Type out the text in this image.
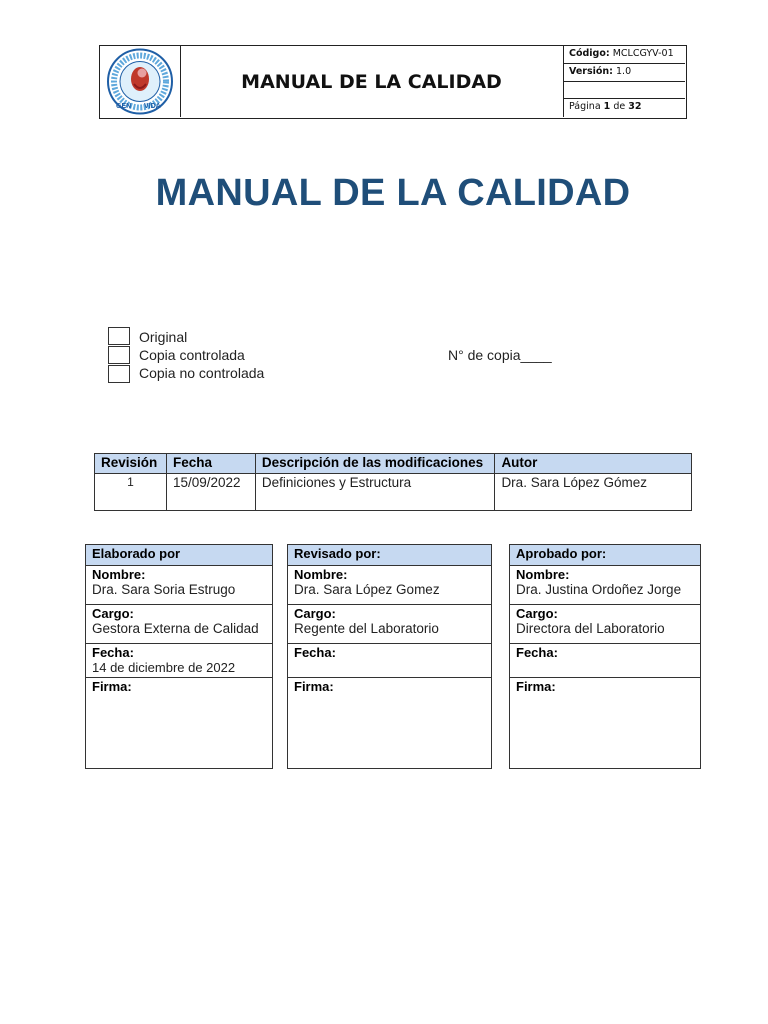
GEN VIDA
MANUAL DE LA CALIDAD
Código: MCLCGYV-01
Versión: 1.0
Página 1 de 32
MANUAL DE LA CALIDAD
Original
Copia controlada
Copia no controlada
N° de copia____
Revisión	Fecha	Descripción de las modificaciones	Autor
1	15/09/2022	Definiciones y Estructura	Dra. Sara López Gómez
Elaborado por
Nombre:
Dra. Sara Soria Estrugo
Cargo:
Gestora Externa de Calidad
Fecha:
14 de diciembre de 2022
Firma:
Revisado por:
Nombre:
Dra. Sara López Gomez
Cargo:
Regente del Laboratorio
Fecha:
Firma:
Aprobado por:
Nombre:
Dra. Justina Ordoñez Jorge
Cargo:
Directora del Laboratorio
Fecha:
Firma:
